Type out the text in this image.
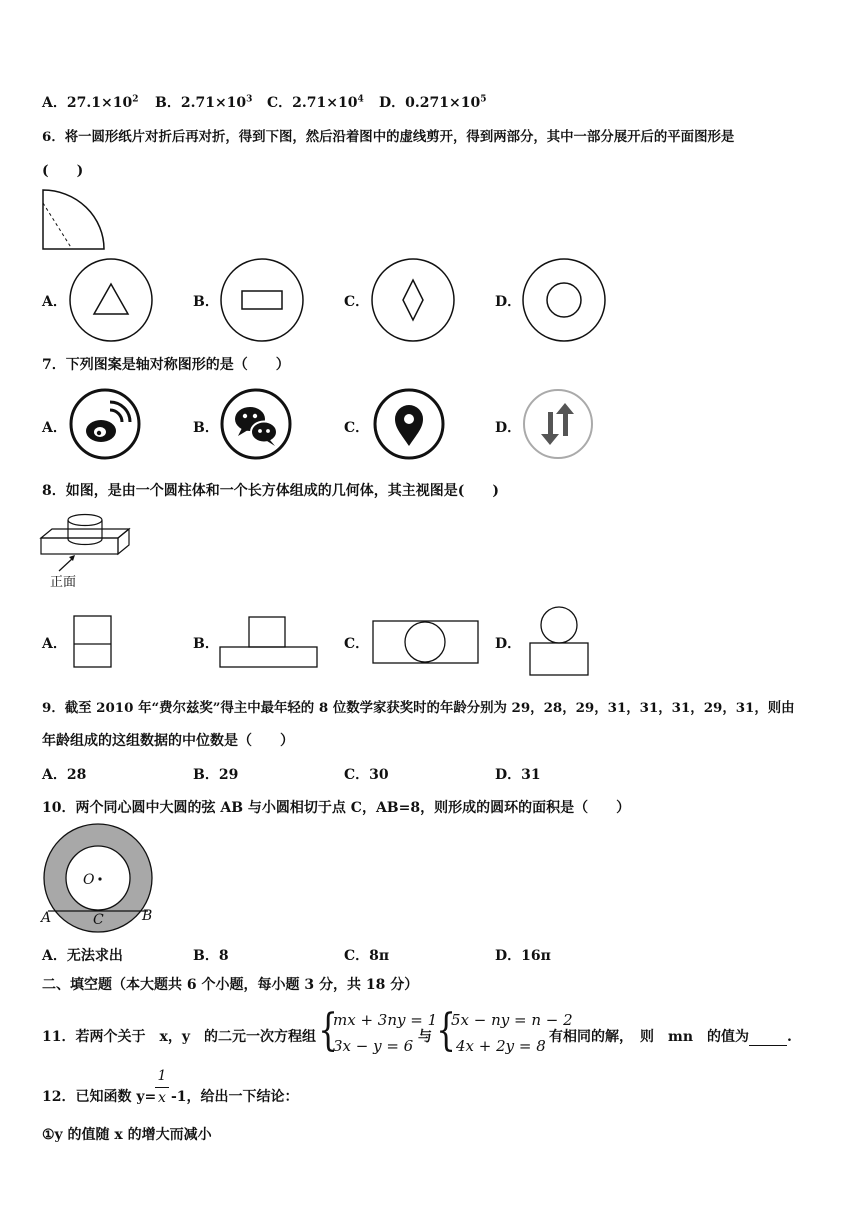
A．$27.1\times 10^2$ B．$2.71\times 10^3$ C．$2.71\times 10^4$ D．$0.271\times 10^5$
6．将一圆形纸片对折后再对折，得到下图，然后沿着图中的虚线剪开，得到两部分，其中一部分展开后的平面图形是
(　　)
A．	B．	C．	D．
7．下列图案是轴对称图形的是（　　）
A．	B．	C．	D．
8．如图，是由一个圆柱体和一个长方体组成的几何体，其主视图是(　　)
正面
A．	B．	C．	D．
9．截至 2010 年“费尔兹奖”得主中最年轻的 8 位数学家获奖时的年龄分别为 29，28，29，31，31，31，29，31，则由
年龄组成的这组数据的中位数是（　　）
A．28	B．29	C．30	D．31
10．两个同心圆中大圆的弦 AB 与小圆相切于点 C，AB=8，则形成的圆环的面积是（　　）
O
A	B
C
A．无法求出	B．8	C．8π	D．16π
二、填空题（本大题共 6 个小题，每小题 3 分，共 18 分）
11．若两个关于　x，y　的二元一次方程组 {
mx + 3ny = 1
3x − y = 6 与 {
5x − ny = n − 2
4x + 2y = 8 有相同的解，　则　mn　的值为	.
12．已知函数 y=
1
x -1，给出一下结论：
①y 的值随 x 的增大而减小
